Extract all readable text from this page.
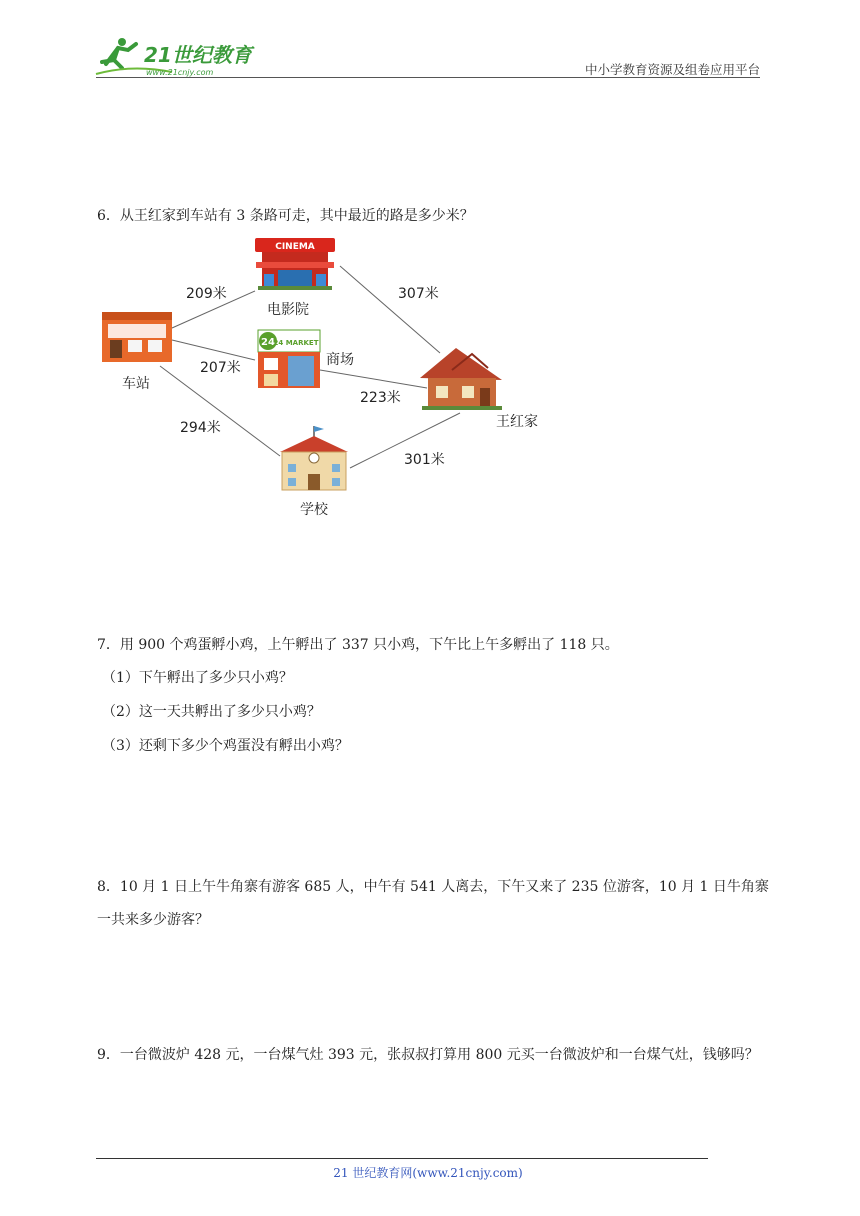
21世纪教育
www.21cnjy.com	中小学教育资源及组卷应用平台
6．从王红家到车站有 3 条路可走，其中最近的路是多少米？
车站
CINEMA
电影院
24
24 MARKET
商场
学校
王红家
209米
207米
294米
307米
223米
301米
7．用 900 个鸡蛋孵小鸡，上午孵出了 337 只小鸡，下午比上午多孵出了 118 只。
（1）下午孵出了多少只小鸡？
（2）这一天共孵出了多少只小鸡？
（3）还剩下多少个鸡蛋没有孵出小鸡？
8．10 月 1 日上午牛角寨有游客 685 人，中午有 541 人离去，下午又来了 235 位游客，10 月 1 日牛角寨一共来多少游客？
9．一台微波炉 428 元，一台煤气灶 393 元，张叔叔打算用 800 元买一台微波炉和一台煤气灶，钱够吗？
21 世纪教育网(www.21cnjy.com)
